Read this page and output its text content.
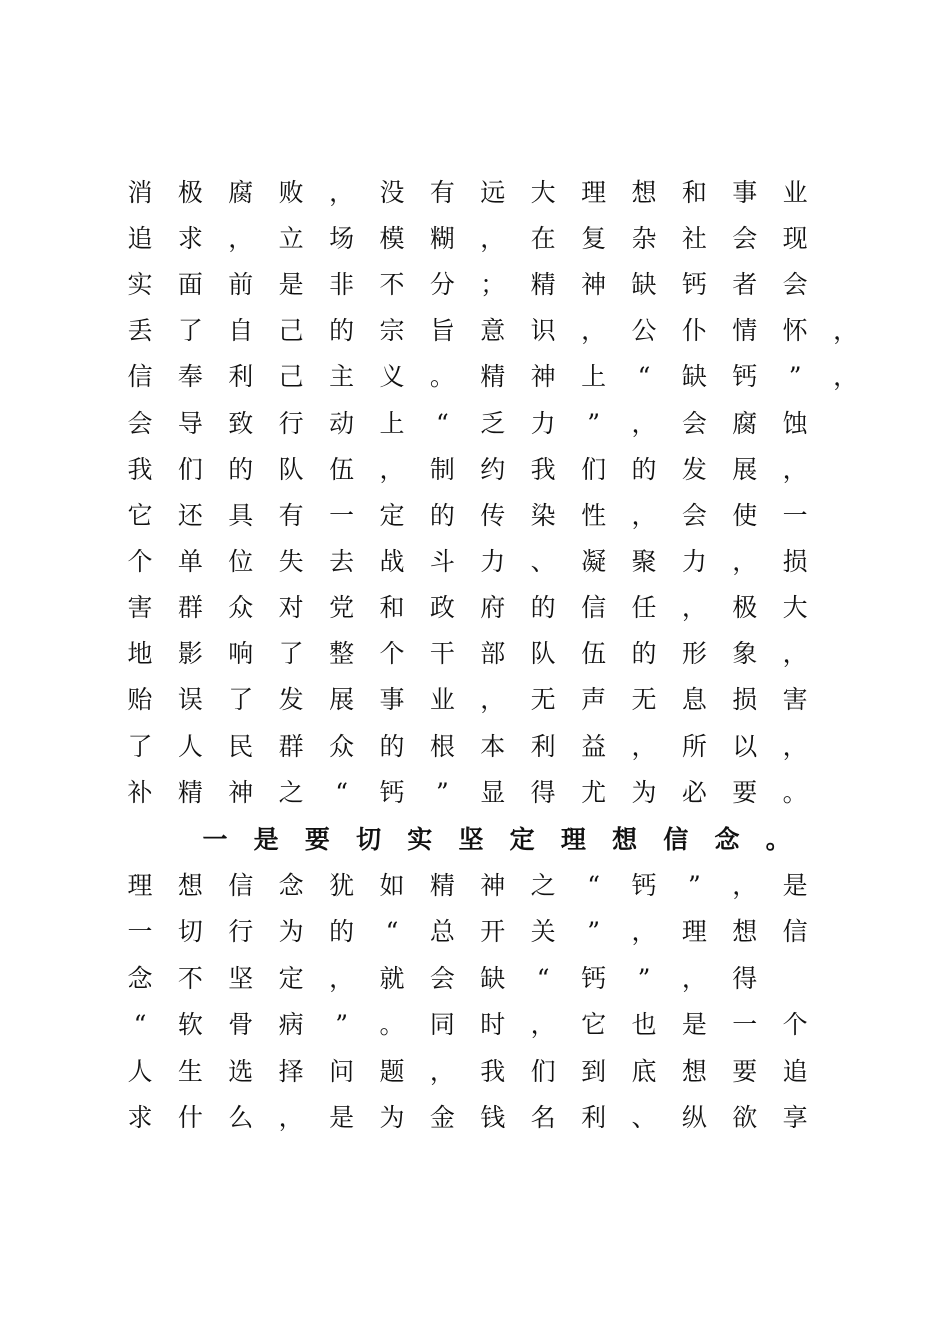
消 极 腐 败 ， 没 有 远 大 理 想 和 事 业
追 求 ， 立 场 模 糊 ， 在 复 杂 社 会 现
实 面 前 是 非 不 分 ； 精 神 缺 钙 者 会
丢 了 自 己 的 宗 旨 意 识 ， 公 仆 情 怀 ，
信 奉 利 己 主 义 。 精 神 上	“	缺 钙	”	，
会 导 致 行 动 上	“	乏 力	”	， 会 腐 蚀
我 们 的 队 伍 ， 制 约 我 们 的 发 展 ，
它 还 具 有 一 定 的 传 染 性 ， 会 使 一
个 单 位 失 去 战 斗 力 、 凝 聚 力 ， 损
害 群 众 对 党 和 政 府 的 信 任 ， 极 大
地 影 响 了 整 个 干 部 队 伍 的 形 象 ，
贻 误 了 发 展 事 业 ， 无 声 无 息 损 害
了 人 民 群 众 的 根 本 利 益 ， 所 以 ，
补 精 神 之	“	钙	”	显 得 尤 为 必 要 。
一 是 要 切 实 坚 定 理 想 信 念 。
理 想 信 念 犹 如 精 神 之	“	钙	”	， 是
一 切 行 为 的	“	总 开 关	”	， 理 想 信
念 不 坚 定 ， 就 会 缺	“	钙	”	， 得
“	软 骨 病	”	。 同 时 ， 它 也 是 一 个
人 生 选 择 问 题 ， 我 们 到 底 想 要 追
求 什 么 ， 是 为 金 钱 名 利 、 纵 欲 享
